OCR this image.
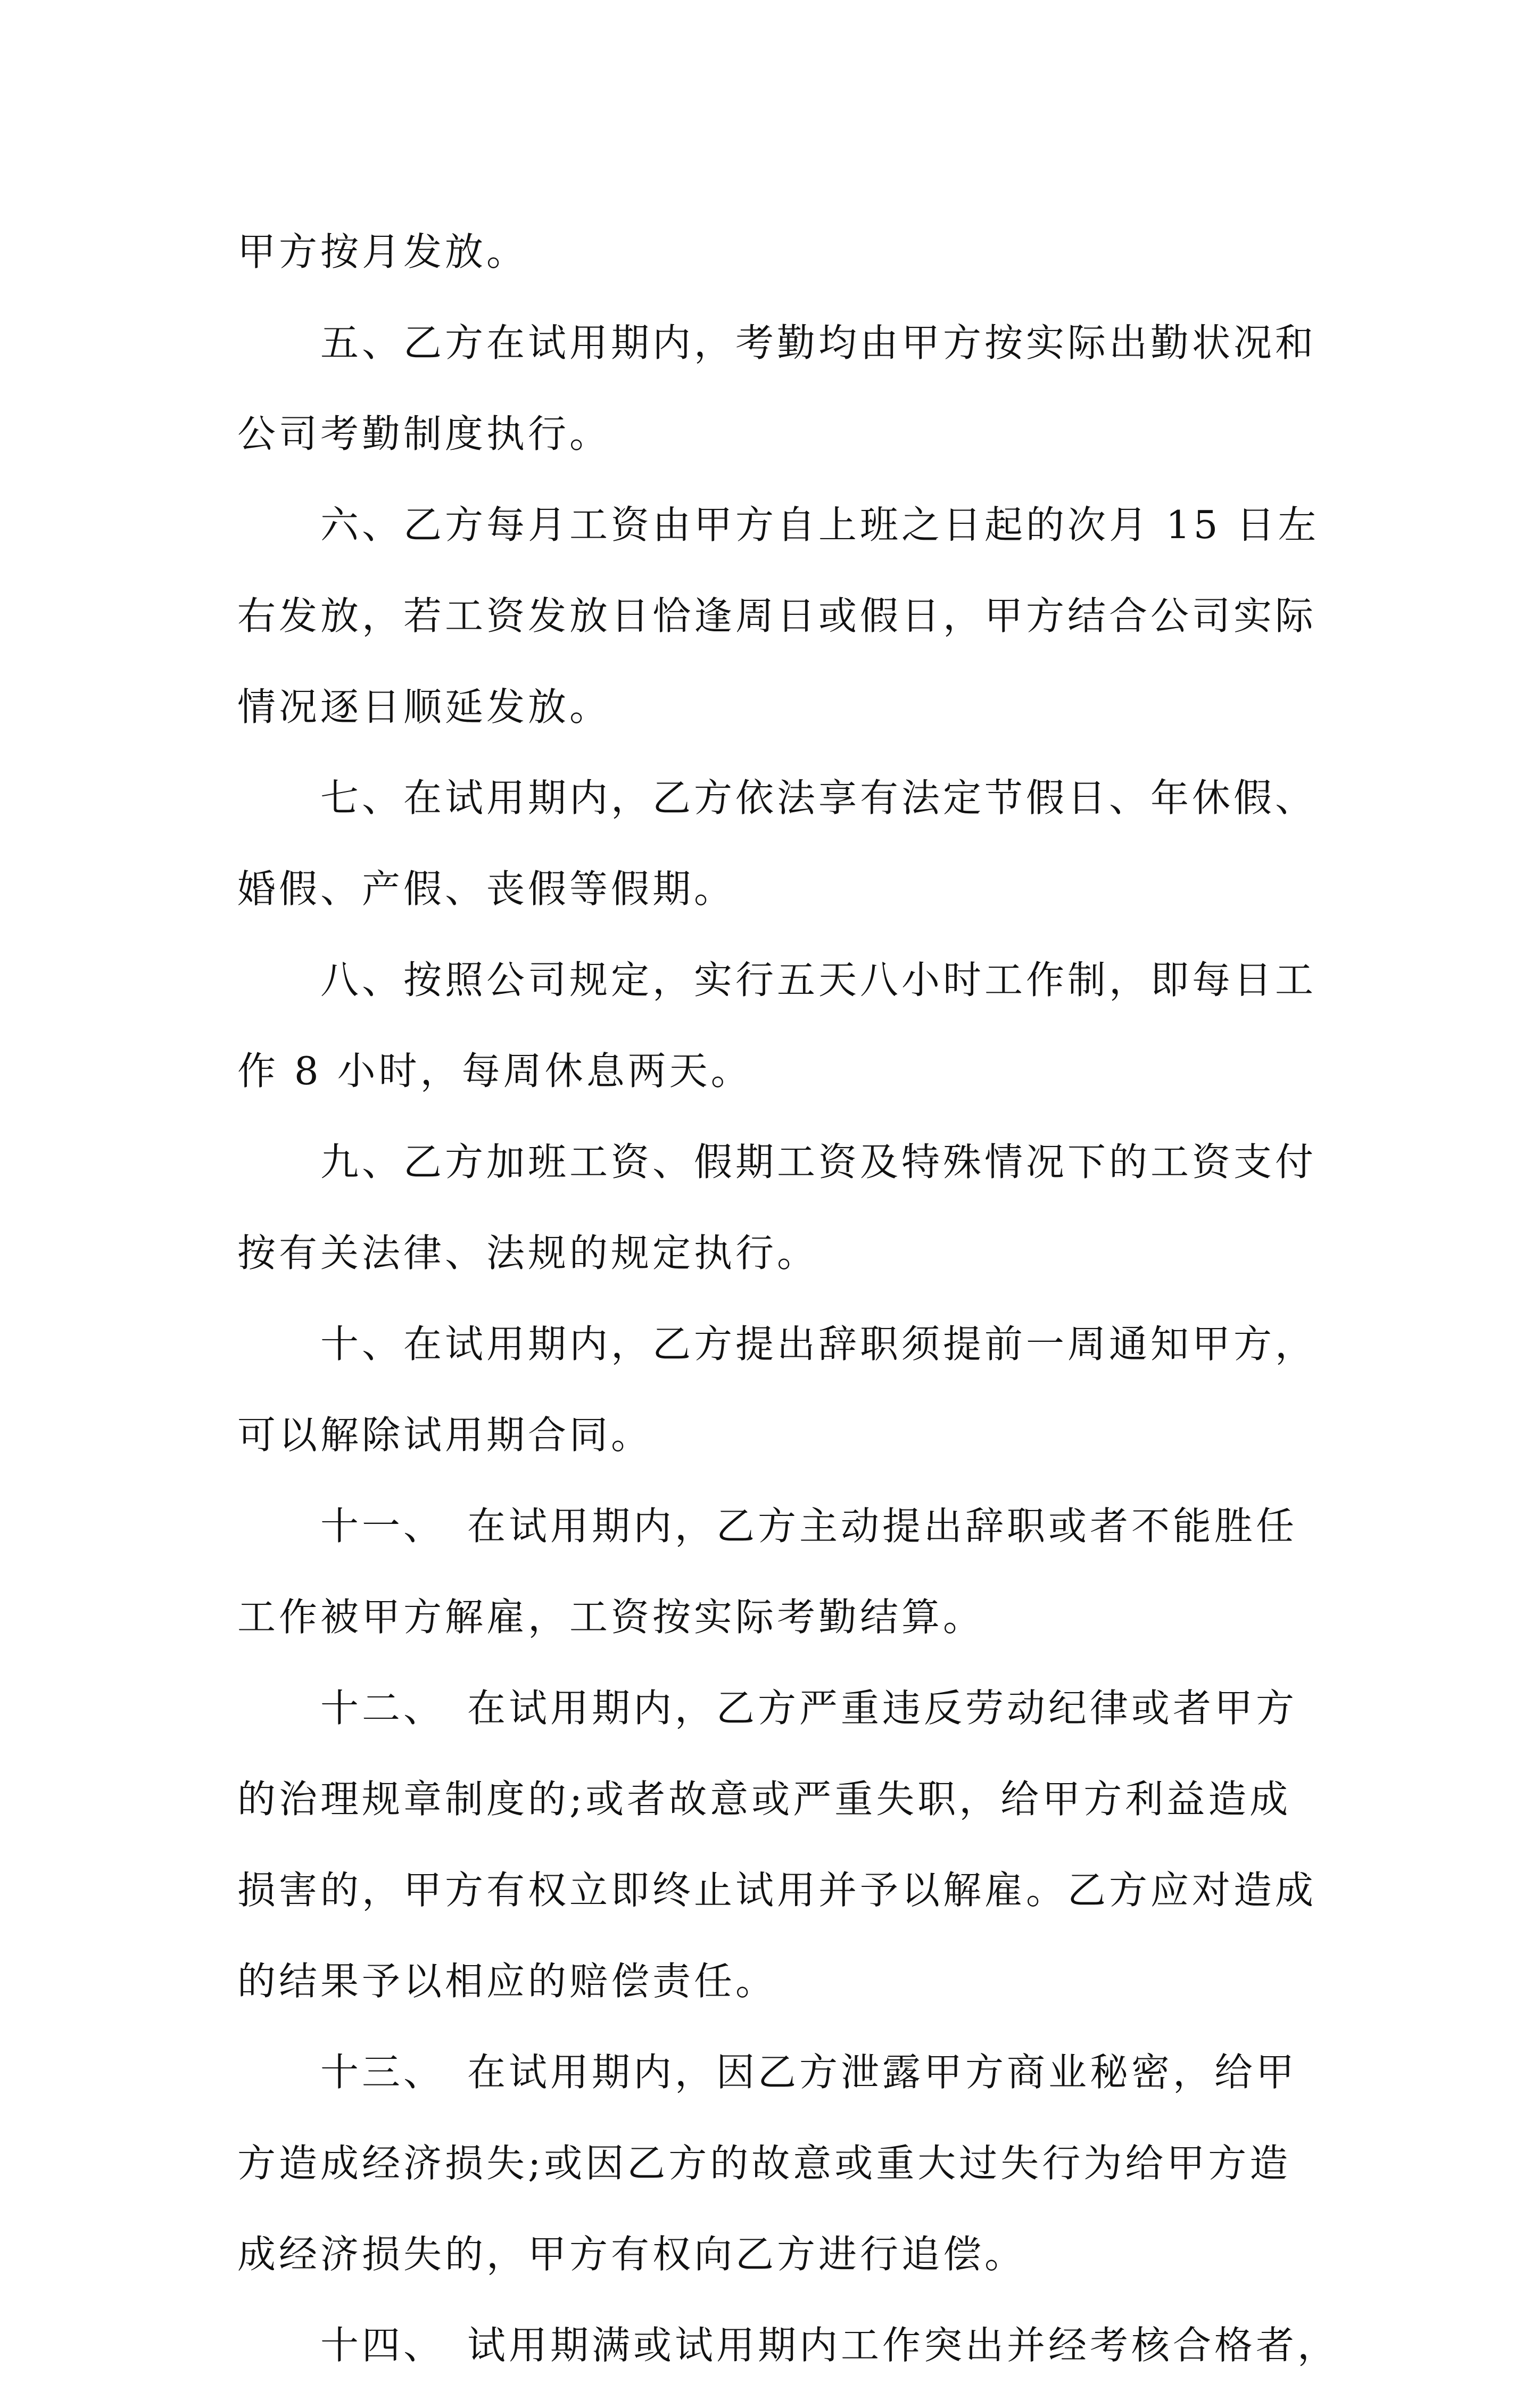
甲方按月发放。
五、乙方在试用期内，考勤均由甲方按实际出勤状况和
公司考勤制度执行。
六、乙方每月工资由甲方自上班之日起的次月 15 日左
右发放，若工资发放日恰逢周日或假日，甲方结合公司实际
情况逐日顺延发放。
七、在试用期内，乙方依法享有法定节假日、年休假、
婚假、产假、丧假等假期。
八、按照公司规定，实行五天八小时工作制，即每日工
作 8 小时，每周休息两天。
九、乙方加班工资、假期工资及特殊情况下的工资支付
按有关法律、法规的规定执行。
十、在试用期内，乙方提出辞职须提前一周通知甲方，
可以解除试用期合同。
十一、　在试用期内，乙方主动提出辞职或者不能胜任
工作被甲方解雇，工资按实际考勤结算。
十二、　在试用期内，乙方严重违反劳动纪律或者甲方
的治理规章制度的;或者故意或严重失职，给甲方利益造成
损害的，甲方有权立即终止试用并予以解雇。乙方应对造成
的结果予以相应的赔偿责任。
十三、　在试用期内，因乙方泄露甲方商业秘密，给甲
方造成经济损失;或因乙方的故意或重大过失行为给甲方造
成经济损失的，甲方有权向乙方进行追偿。
十四、　试用期满或试用期内工作突出并经考核合格者，
